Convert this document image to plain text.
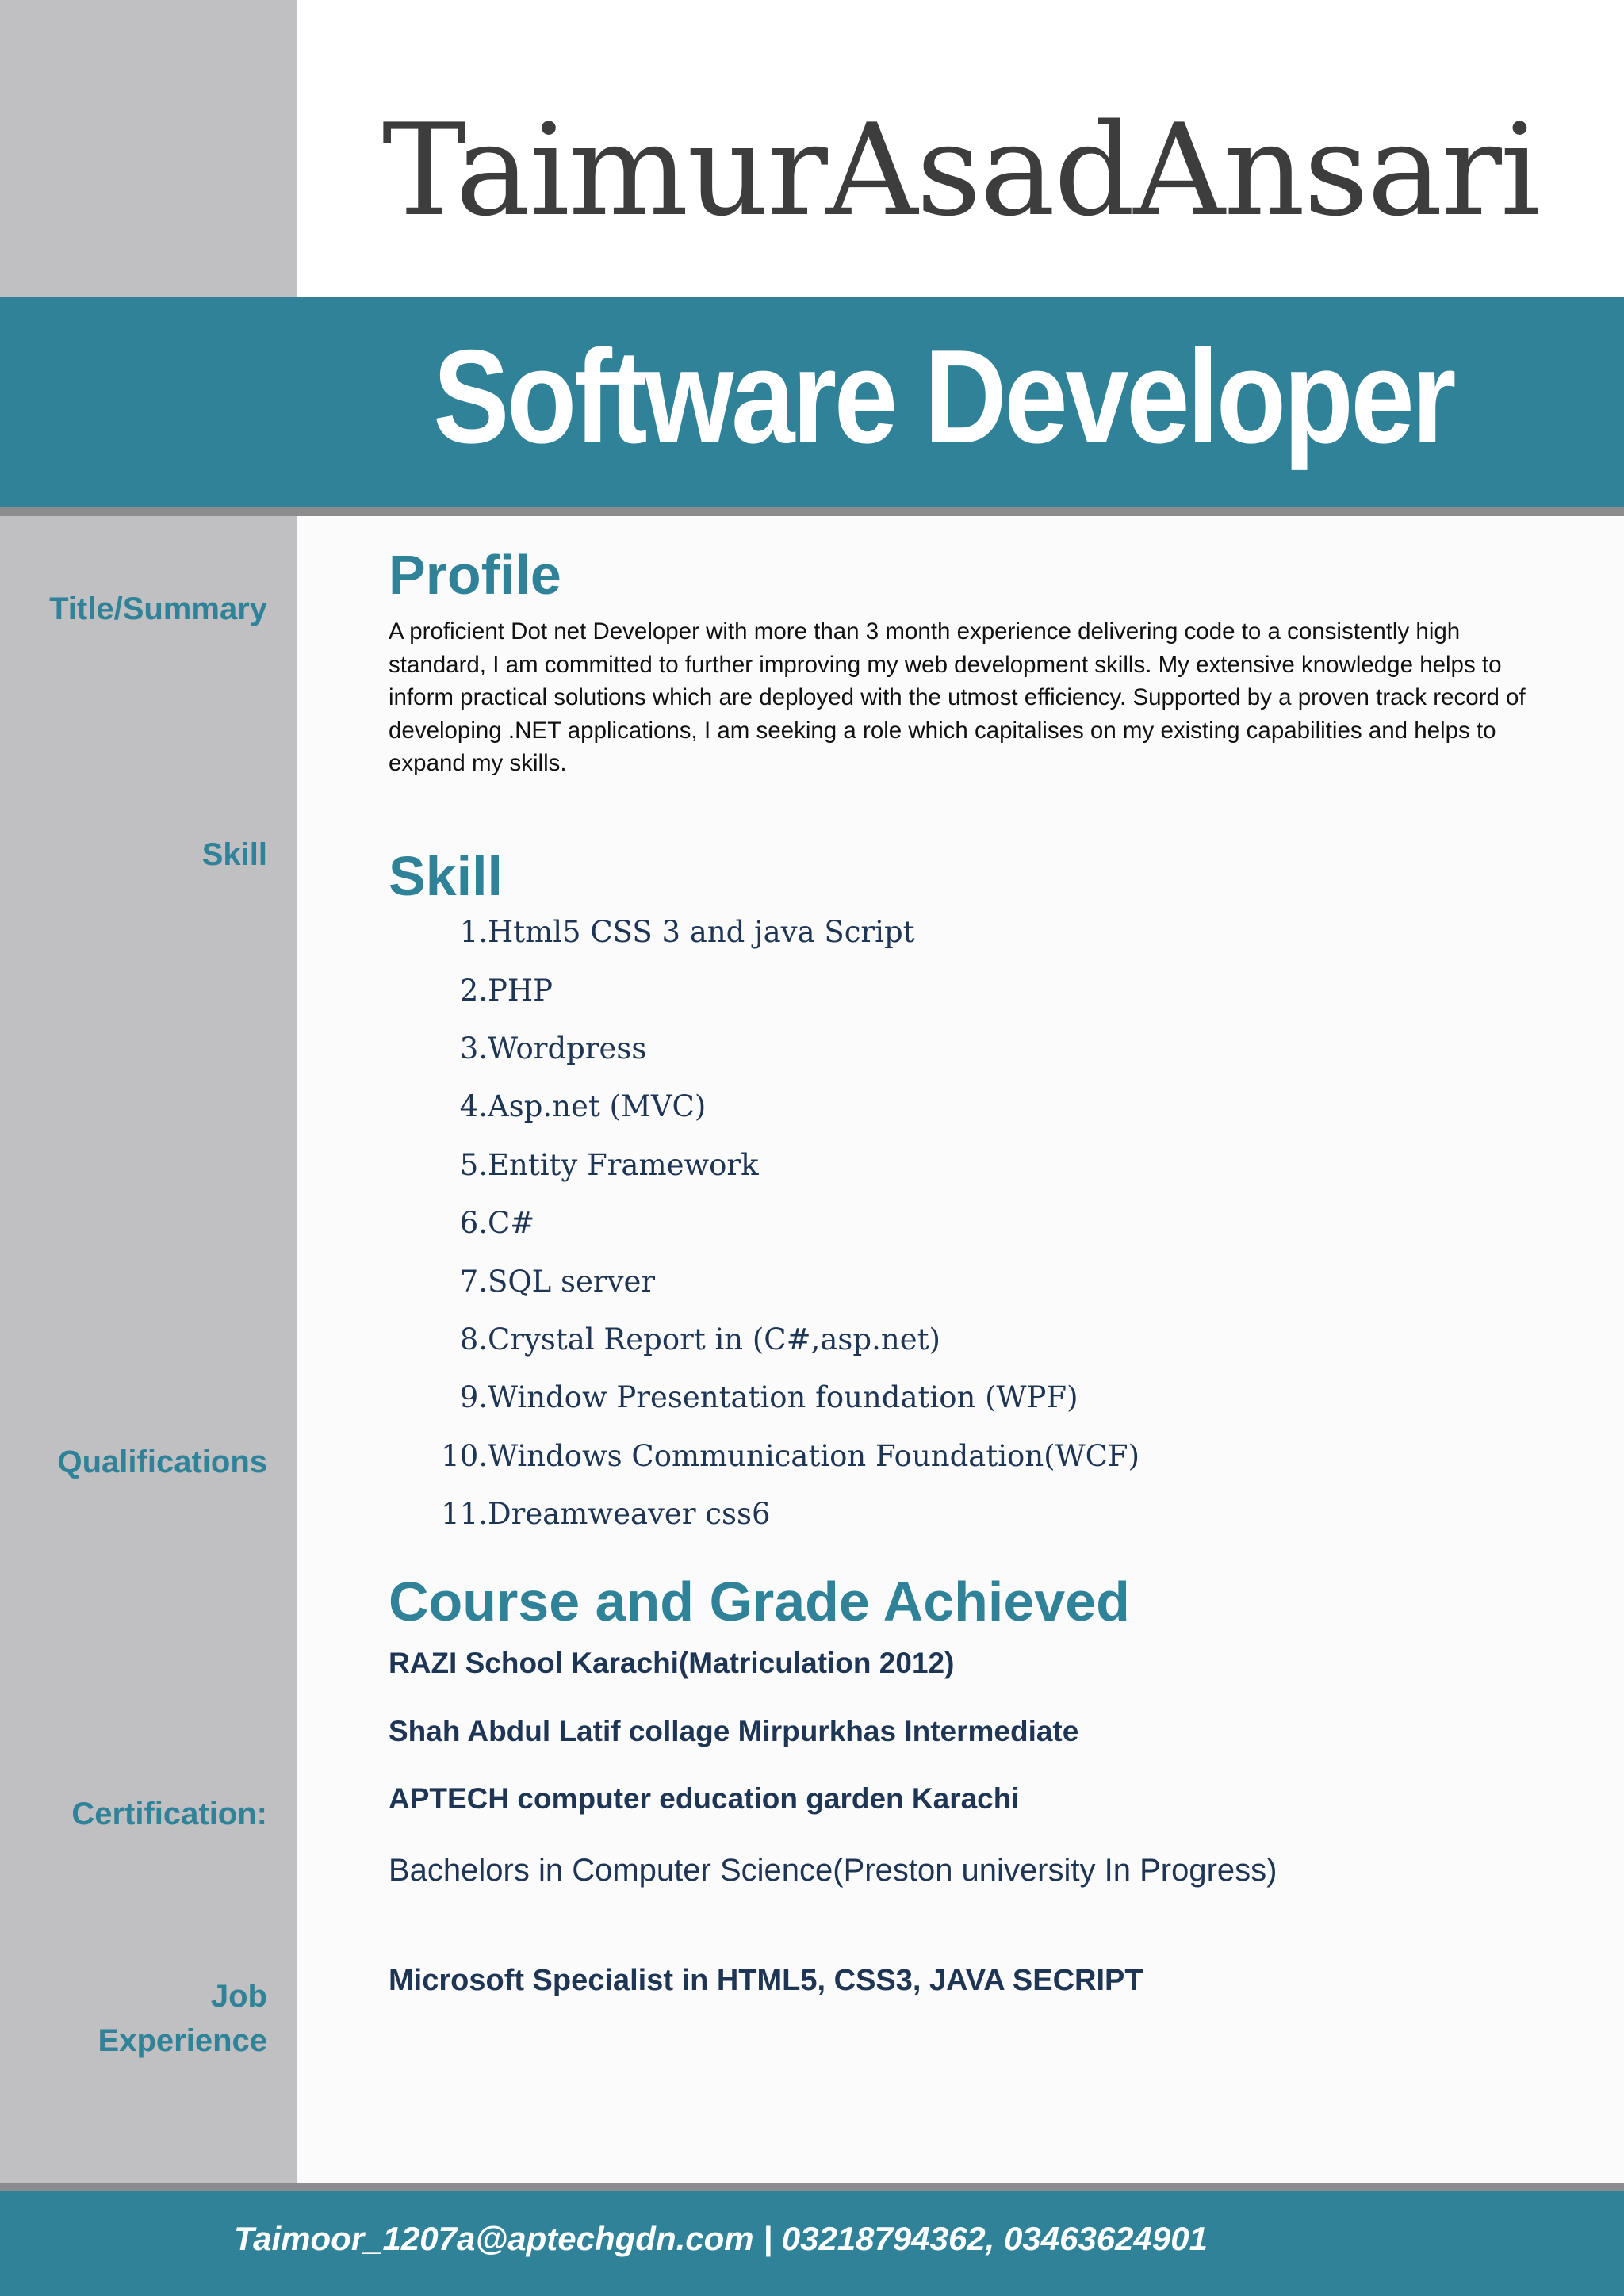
TaimurAsadAnsari
Software Developer
Title/Summary
Skill
Qualifications
Certification:
Job
Experience
Profile

A proficient Dot net Developer with more than 3 month experience delivering code to a consistently high standard, I am committed to further improving my web development skills. My extensive knowledge helps to inform practical solutions which are deployed with the utmost efficiency. Supported by a proven track record of developing .NET applications, I am seeking a role which capitalises on my existing capabilities and helps to expand my skills.

Skill
1. Html5 CSS 3 and java Script
2. PHP
3. Wordpress
4. Asp.net (MVC)
5. Entity Framework
6. C#
7. SQL server
8. Crystal Report in (C#,asp.net)
9. Window Presentation foundation (WPF)
10. Windows Communication Foundation(WCF)
11. Dreamweaver css6
Course and Grade Achieved

RAZI School Karachi(Matriculation 2012)

Shah Abdul Latif collage Mirpurkhas Intermediate

APTECH computer education garden Karachi

Bachelors in Computer Science(Preston university In Progress)

Microsoft Specialist in HTML5, CSS3, JAVA SECRIPT
Taimoor_1207a@aptechgdn.com | 03218794362, 03463624901
